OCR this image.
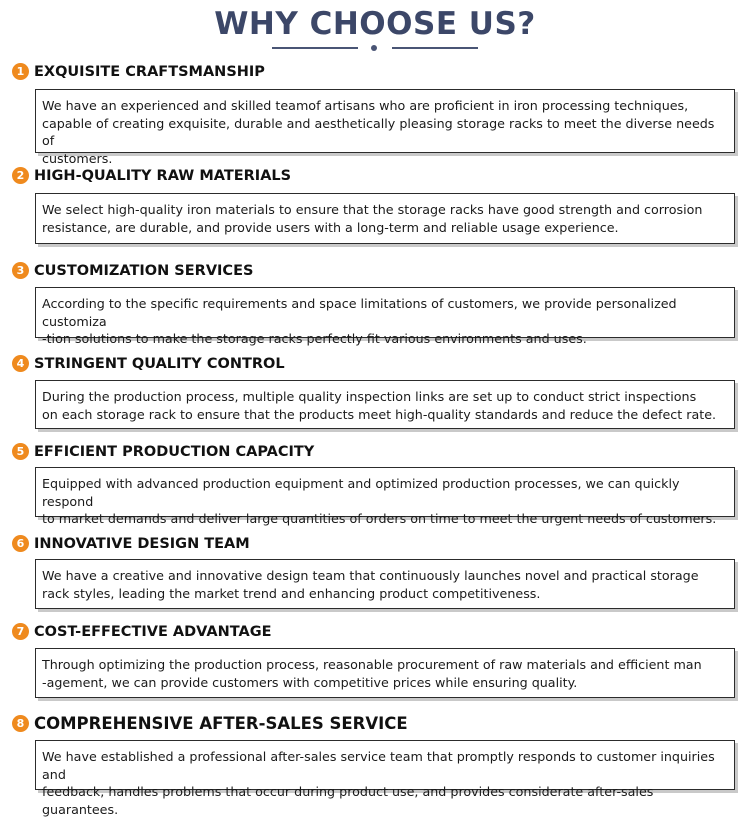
WHY CHOOSE US?
1 EXQUISITE CRAFTSMANSHIP

We have an experienced and skilled teamof artisans who are proficient in iron processing techniques,
capable of creating exquisite, durable and aesthetically pleasing storage racks to meet the diverse needs of
customers.

2 HIGH-QUALITY RAW MATERIALS

We select high-quality iron materials to ensure that the storage racks have good strength and corrosion
resistance, are durable, and provide users with a long-term and reliable usage experience.

3 CUSTOMIZATION SERVICES

According to the specific requirements and space limitations of customers, we provide personalized customiza
-tion solutions to make the storage racks perfectly fit various environments and uses.

4 STRINGENT QUALITY CONTROL

During the production process, multiple quality inspection links are set up to conduct strict inspections
on each storage rack to ensure that the products meet high-quality standards and reduce the defect rate.

5 EFFICIENT PRODUCTION CAPACITY

Equipped with advanced production equipment and optimized production processes, we can quickly respond
to market demands and deliver large quantities of orders on time to meet the urgent needs of customers.

6 INNOVATIVE DESIGN TEAM

We have a creative and innovative design team that continuously launches novel and practical storage
rack styles, leading the market trend and enhancing product competitiveness.

7 COST-EFFECTIVE ADVANTAGE

Through optimizing the production process, reasonable procurement of raw materials and efficient man
-agement, we can provide customers with competitive prices while ensuring quality.

8 COMPREHENSIVE AFTER-SALES SERVICE

We have established a professional after-sales service team that promptly responds to customer inquiries and
feedback, handles problems that occur during product use, and provides considerate after-sales guarantees.
